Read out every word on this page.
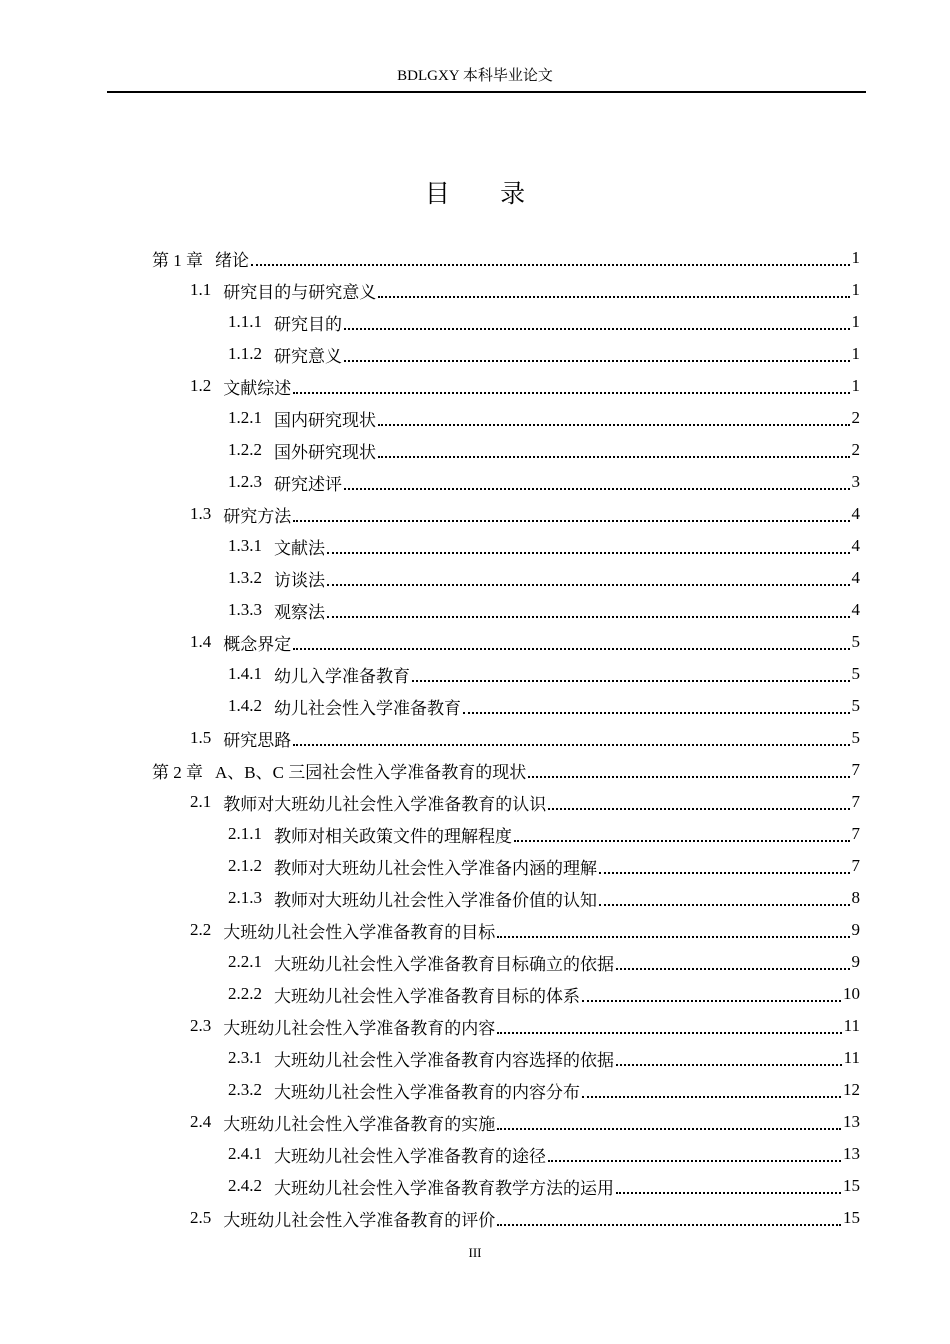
BDLGXY 本科毕业论文
目 录
第 1 章 绪论	1
1.1 研究目的与研究意义	1
1.1.1 研究目的	1
1.1.2 研究意义	1
1.2 文献综述	1
1.2.1 国内研究现状	2
1.2.2 国外研究现状	2
1.2.3 研究述评	3
1.3 研究方法	4
1.3.1 文献法	4
1.3.2 访谈法	4
1.3.3 观察法	4
1.4 概念界定	5
1.4.1 幼儿入学准备教育	5
1.4.2 幼儿社会性入学准备教育	5
1.5 研究思路	5
第 2 章 A、B、C 三园社会性入学准备教育的现状	7
2.1 教师对大班幼儿社会性入学准备教育的认识	7
2.1.1 教师对相关政策文件的理解程度	7
2.1.2 教师对大班幼儿社会性入学准备内涵的理解	7
2.1.3 教师对大班幼儿社会性入学准备价值的认知	8
2.2 大班幼儿社会性入学准备教育的目标	9
2.2.1 大班幼儿社会性入学准备教育目标确立的依据	9
2.2.2 大班幼儿社会性入学准备教育目标的体系	10
2.3 大班幼儿社会性入学准备教育的内容	11
2.3.1 大班幼儿社会性入学准备教育内容选择的依据	11
2.3.2 大班幼儿社会性入学准备教育的内容分布	12
2.4 大班幼儿社会性入学准备教育的实施	13
2.4.1 大班幼儿社会性入学准备教育的途径	13
2.4.2 大班幼儿社会性入学准备教育教学方法的运用	15
2.5 大班幼儿社会性入学准备教育的评价	15
III
